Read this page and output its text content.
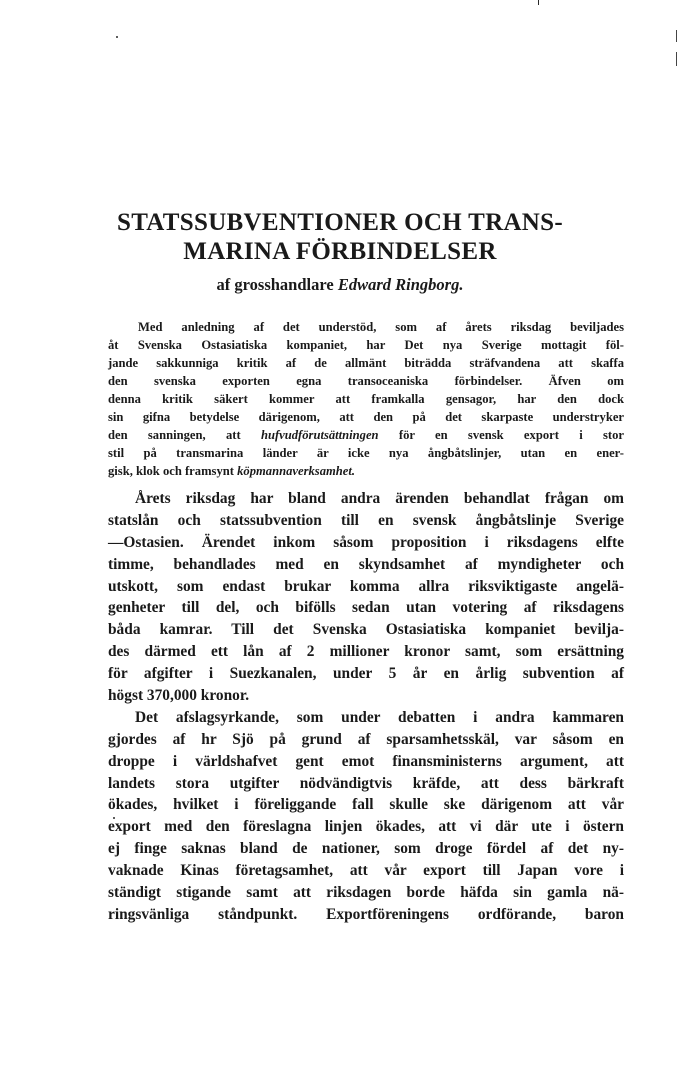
STATSSUBVENTIONER OCH TRANS-
MARINA FÖRBINDELSER

af grosshandlare Edward Ringborg.

Med anledning af det understöd, som af årets riksdag beviljades
åt Svenska Ostasiatiska kompaniet, har Det nya Sverige mottagit föl-
jande sakkunniga kritik af de allmänt biträdda sträfvandena att skaffa
den svenska exporten egna transoceaniska förbindelser. Äfven om
denna kritik säkert kommer att framkalla gensagor, har den dock
sin gifna betydelse därigenom, att den på det skarpaste understryker
den sanningen, att hufvudförutsättningen för en svensk export i stor
stil på transmarina länder är icke nya ångbåtslinjer, utan en ener-
gisk, klok och framsynt köpmannaverksamhet.
Årets riksdag har bland andra ärenden behandlat frågan om
statslån och statssubvention till en svensk ångbåtslinje Sverige
—Ostasien. Ärendet inkom såsom proposition i riksdagens elfte
timme, behandlades med en skyndsamhet af myndigheter och
utskott, som endast brukar komma allra riksviktigaste angelä-
genheter till del, och bifölls sedan utan votering af riksdagens
båda kamrar. Till det Svenska Ostasiatiska kompaniet bevilja-
des därmed ett lån af 2 millioner kronor samt, som ersättning
för afgifter i Suezkanalen, under 5 år en årlig subvention af
högst 370,000 kronor.
Det afslagsyrkande, som under debatten i andra kammaren
gjordes af hr Sjö på grund af sparsamhetsskäl, var såsom en
droppe i världshafvet gent emot finansministerns argument, att
landets stora utgifter nödvändigtvis kräfde, att dess bärkraft
ökades, hvilket i föreliggande fall skulle ske därigenom att vår
export med den föreslagna linjen ökades, att vi där ute i östern
ej finge saknas bland de nationer, som droge fördel af det ny-
vaknade Kinas företagsamhet, att vår export till Japan vore i
ständigt stigande samt att riksdagen borde häfda sin gamla nä-
ringsvänliga ståndpunkt. Exportföreningens ordförande, baron
